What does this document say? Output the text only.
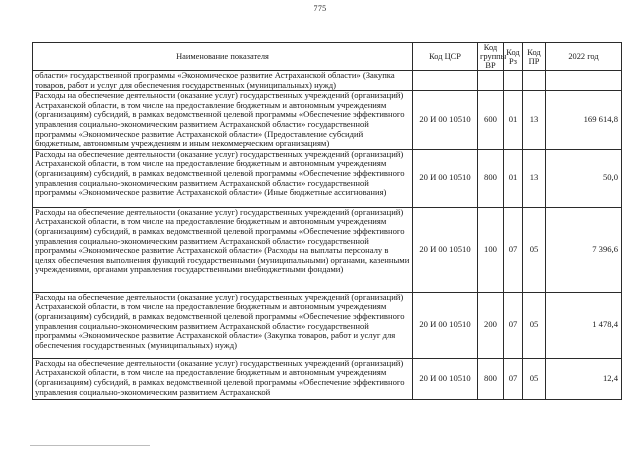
775
Наименование показателя	Код ЦСР	Код группы ВР	Код Рз	Код ПР	2022 год
области» государственной программы «Экономическое развитие Астраханской области» (Закупка товаров, работ и услуг для обеспечения государственных (муниципальных) нужд)					
Расходы на обеспечение деятельности (оказание услуг) государственных учреждений (организаций) Астраханской области, в том числе на предоставление бюджетным и автономным учреждениям (организациям) субсидий, в рамках ведомственной целевой программы «Обеспечение эффективного управления социально-экономическим развитием Астраханской области» государственной программы «Экономическое развитие Астраханской области» (Предоставление субсидий бюджетным, автономным учреждениям и иным некоммерческим организациям)	20 И 00 10510	600	01	13	169 614,8
Расходы на обеспечение деятельности (оказание услуг) государственных учреждений (организаций) Астраханской области, в том числе на предоставление бюджетным и автономным учреждениям (организациям) субсидий, в рамках ведомственной целевой программы «Обеспечение эффективного управления социально-экономическим развитием Астраханской области» государственной программы «Экономическое развитие Астраханской области» (Иные бюджетные ассигнования)	20 И 00 10510	800	01	13	50,0
Расходы на обеспечение деятельности (оказание услуг) государственных учреждений (организаций) Астраханской области, в том числе на предоставление бюджетным и автономным учреждениям (организациям) субсидий, в рамках ведомственной целевой программы «Обеспечение эффективного управления социально-экономическим развитием Астраханской области» государственной программы «Экономическое развитие Астраханской области» (Расходы на выплаты персоналу в целях обеспечения выполнения функций государственными (муниципальными) органами, казенными учреждениями, органами управления государственными внебюджетными фондами)	20 И 00 10510	100	07	05	7 396,6
Расходы на обеспечение деятельности (оказание услуг) государственных учреждений (организаций) Астраханской области, в том числе на предоставление бюджетным и автономным учреждениям (организациям) субсидий, в рамках ведомственной целевой программы «Обеспечение эффективного управления социально-экономическим развитием Астраханской области» государственной программы «Экономическое развитие Астраханской области» (Закупка товаров, работ и услуг для обеспечения государственных (муниципальных) нужд)	20 И 00 10510	200	07	05	1 478,4
Расходы на обеспечение деятельности (оказание услуг) государственных учреждений (организаций) Астраханской области, в том числе на предоставление бюджетным и автономным учреждениям (организациям) субсидий, в рамках ведомственной целевой программы «Обеспечение эффективного управления социально-экономическим развитием Астраханской	20 И 00 10510	800	07	05	12,4
